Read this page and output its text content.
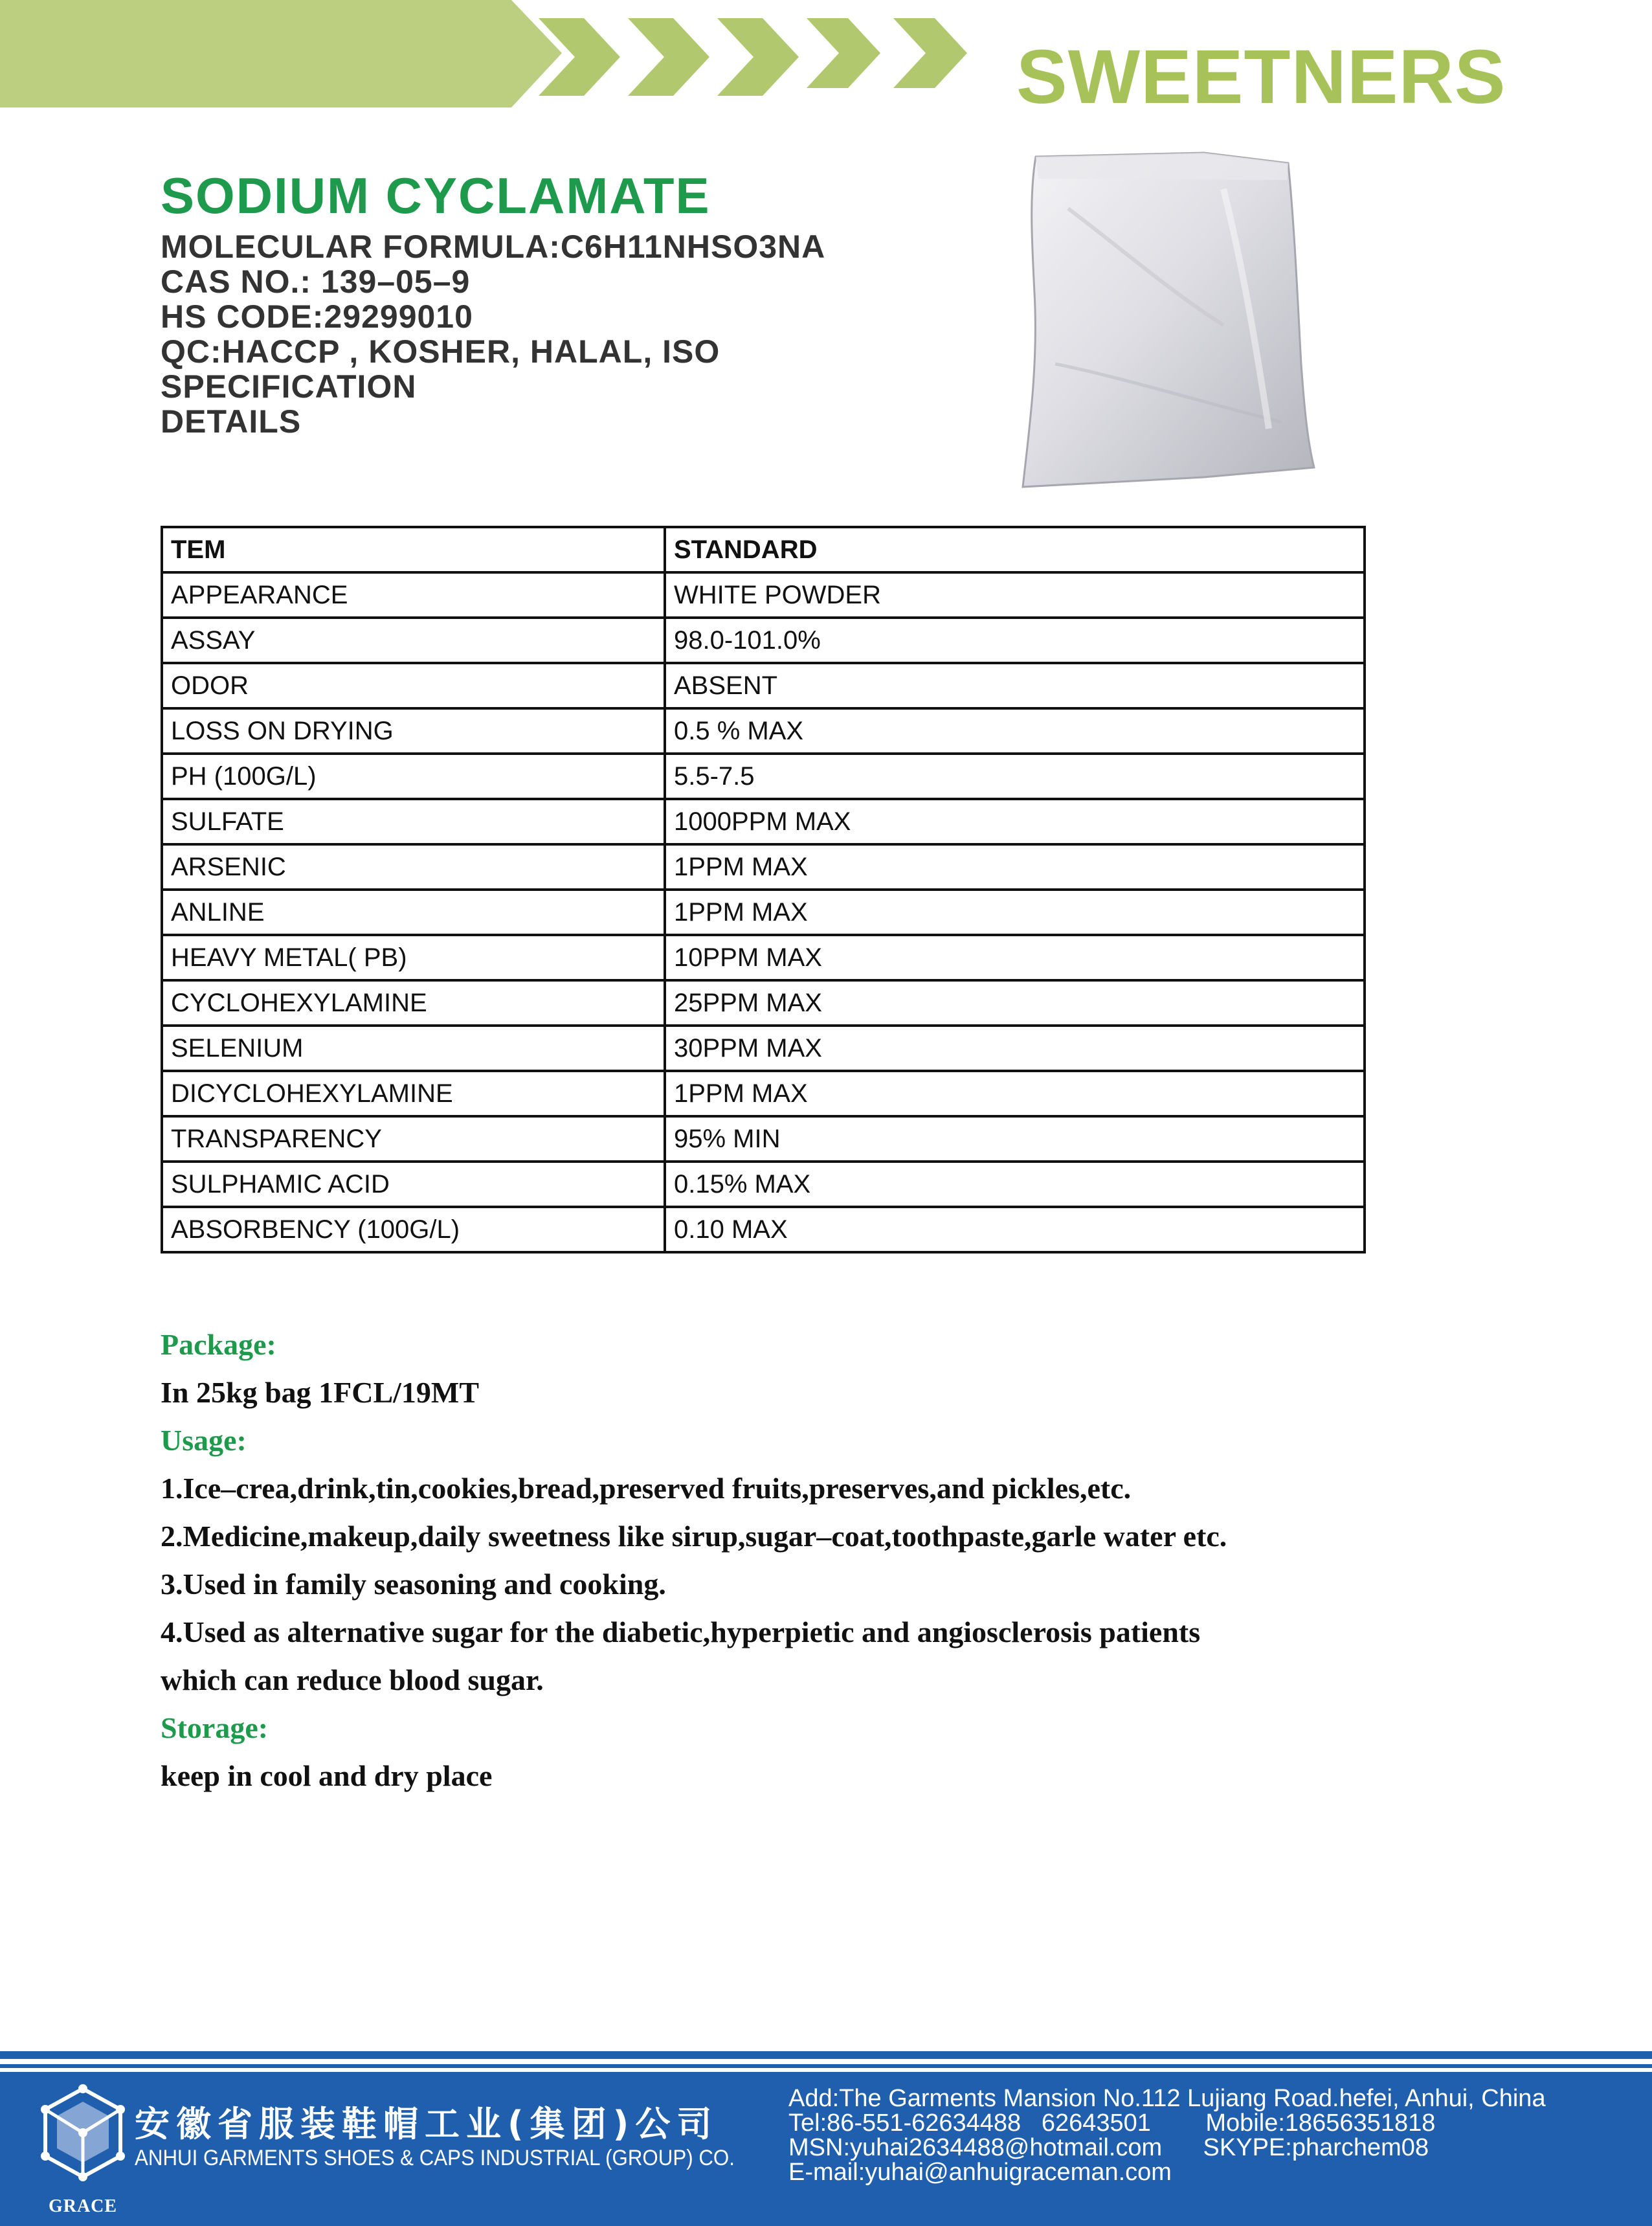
SWEETNERS
SODIUM CYCLAMATE
MOLECULAR FORMULA:C6H11NHSO3NA
CAS NO.: 139–05–9
HS CODE:29299010
QC:HACCP , KOSHER, HALAL, ISO
SPECIFICATION
DETAILS
TEM	STANDARD
APPEARANCE	WHITE POWDER
ASSAY	98.0-101.0%
ODOR	ABSENT
LOSS ON DRYING	0.5 % MAX
PH (100G/L)	5.5-7.5
SULFATE	1000PPM MAX
ARSENIC	1PPM MAX
ANLINE	1PPM MAX
HEAVY METAL( PB)	10PPM MAX
CYCLOHEXYLAMINE	25PPM MAX
SELENIUM	30PPM MAX
DICYCLOHEXYLAMINE	1PPM MAX
TRANSPARENCY	95% MIN
SULPHAMIC ACID	0.15% MAX
ABSORBENCY (100G/L)	0.10 MAX
Package:
In 25kg bag 1FCL/19MT
Usage:
1.Ice–crea,drink,tin,cookies,bread,preserved fruits,preserves,and pickles,etc.
2.Medicine,makeup,daily sweetness like sirup,sugar–coat,toothpaste,garle water etc.
3.Used in family seasoning and cooking.
4.Used as alternative sugar for the diabetic,hyperpietic and angiosclerosis patients
which can reduce blood sugar.
Storage:
keep in cool and dry place
GRACE
安徽省服装鞋帽工业(集团)公司
ANHUI GARMENTS SHOES & CAPS INDUSTRIAL (GROUP) CO.
Add:The Garments Mansion No.112 Lujiang Road.hefei, Anhui, China
Tel:86-551-62634488   62643501        Mobile:18656351818
MSN:yuhai2634488@hotmail.com      SKYPE:pharchem08
E-mail:yuhai@anhuigraceman.com
